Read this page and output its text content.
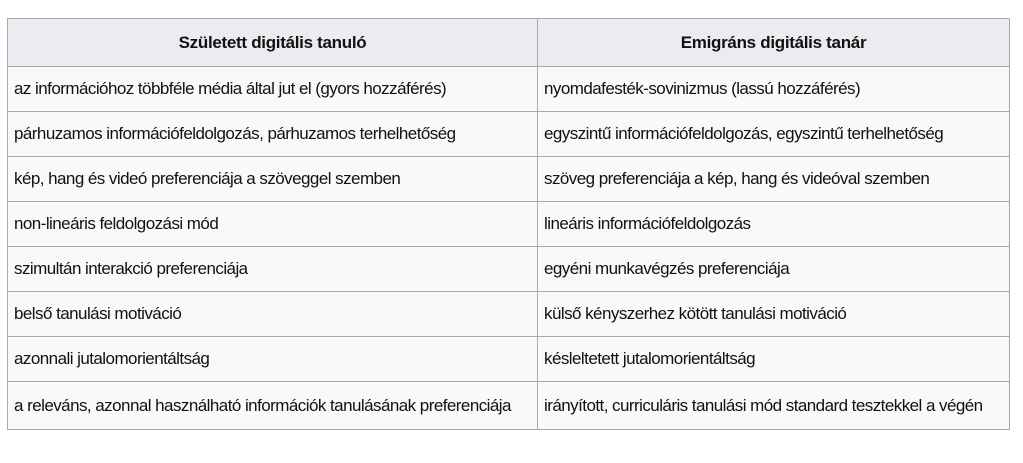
Született digitális tanuló	Emigráns digitális tanár
az információhoz többféle média által jut el (gyors hozzáférés)	nyomdafesték-sovinizmus (lassú hozzáférés)
párhuzamos információfeldolgozás, párhuzamos terhelhetőség	egyszintű információfeldolgozás, egyszintű terhelhetőség
kép, hang és videó preferenciája a szöveggel szemben	szöveg preferenciája a kép, hang és videóval szemben
non-lineáris feldolgozási mód	lineáris információfeldolgozás
szimultán interakció preferenciája	egyéni munkavégzés preferenciája
belső tanulási motiváció	külső kényszerhez kötött tanulási motiváció
azonnali jutalomorientáltság	késleltetett jutalomorientáltság
a releváns, azonnal használható információk tanulásának preferenciája	irányított, curriculáris tanulási mód standard tesztekkel a végén
